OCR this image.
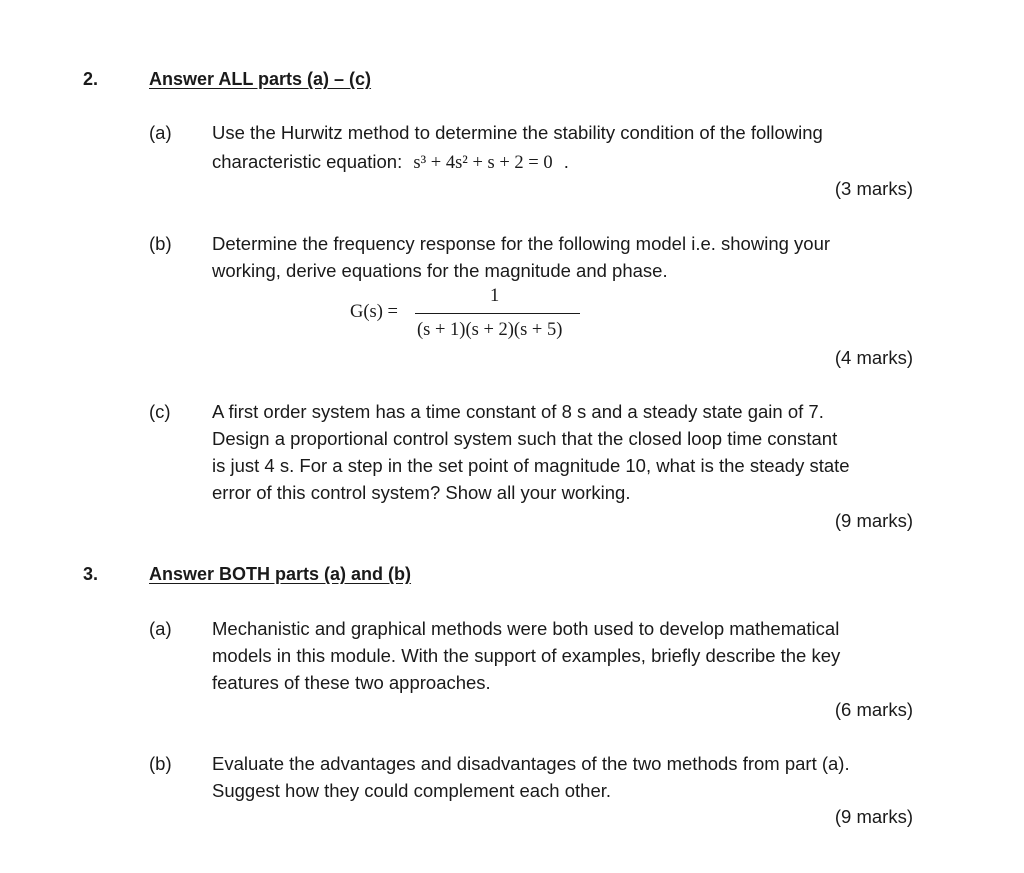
2.	Answer ALL parts (a) – (c)
(a) Use the Hurwitz method to determine the stability condition of the following
characteristic equation: s³ + 4s² + s + 2 = 0 .
(3 marks)
(b) Determine the frequency response for the following model i.e. showing your
working, derive equations for the magnitude and phase.
G(s) =
1
(s + 1)(s + 2)(s + 5)
(4 marks)
(c) A first order system has a time constant of 8 s and a steady state gain of 7.
Design a proportional control system such that the closed loop time constant
is just 4 s. For a step in the set point of magnitude 10, what is the steady state
error of this control system? Show all your working.
(9 marks)
3.	Answer BOTH parts (a) and (b)
(a) Mechanistic and graphical methods were both used to develop mathematical
models in this module. With the support of examples, briefly describe the key
features of these two approaches.
(6 marks)
(b) Evaluate the advantages and disadvantages of the two methods from part (a).
Suggest how they could complement each other.
(9 marks)
